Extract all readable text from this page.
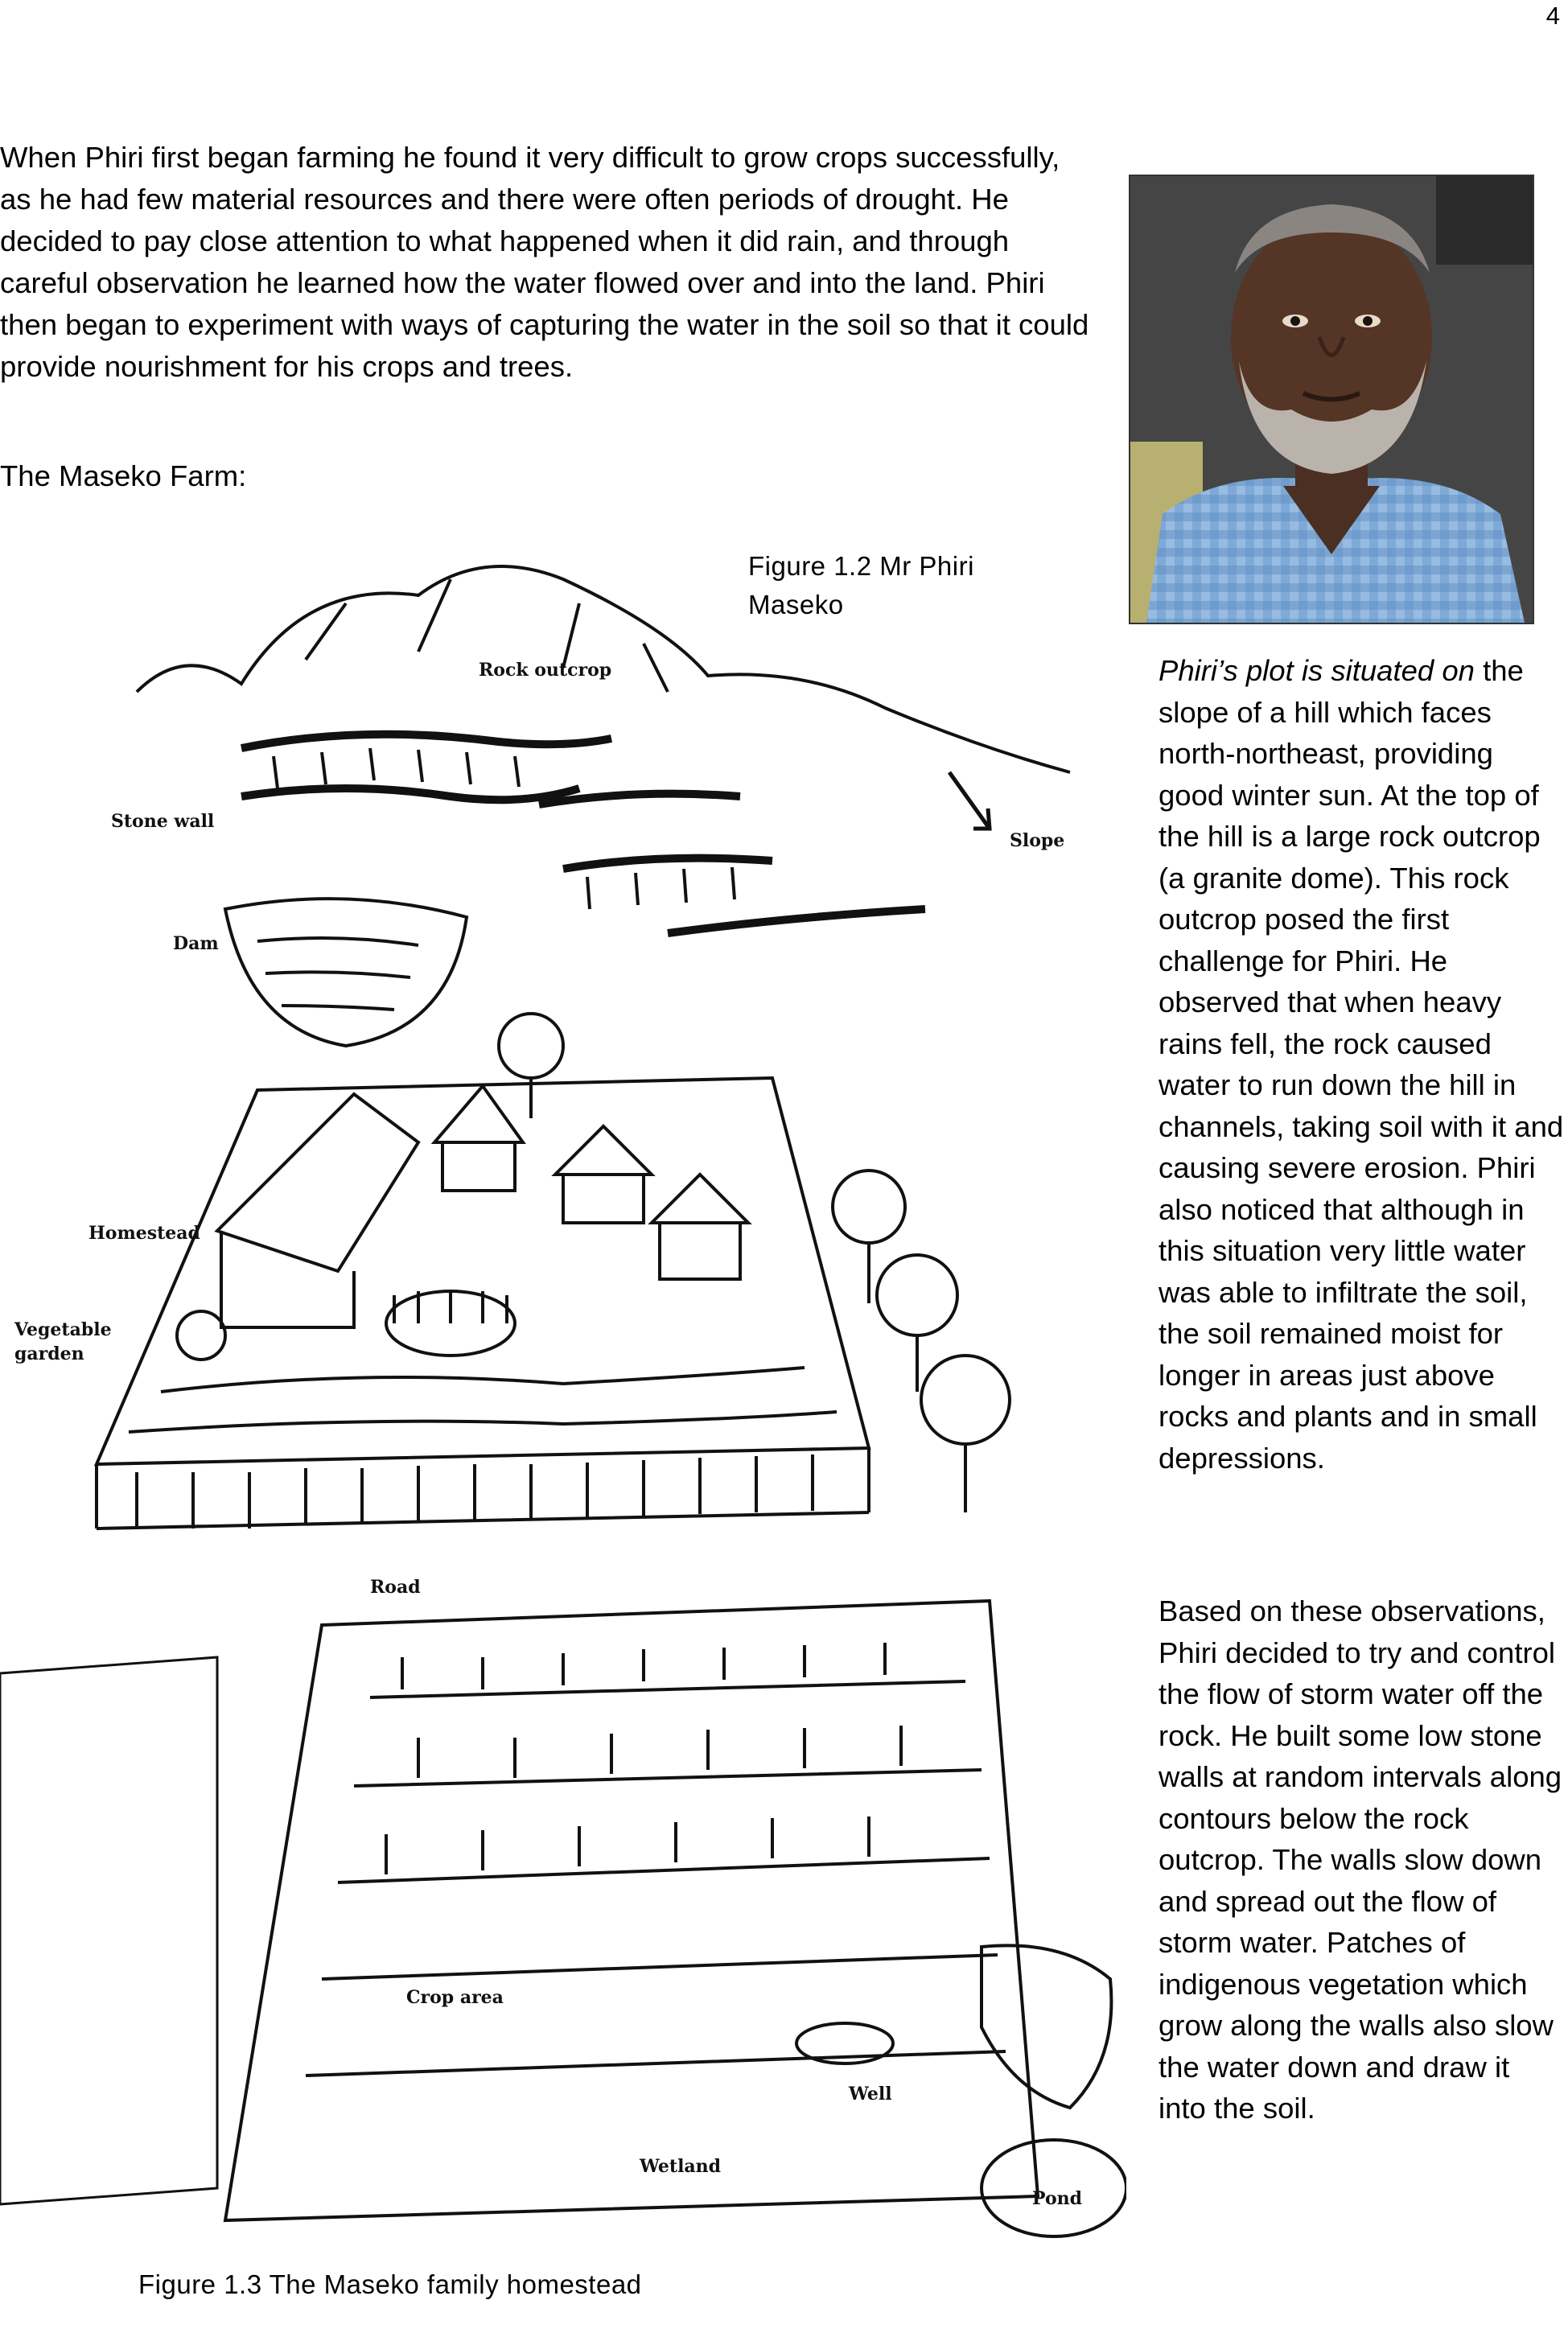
4

When Phiri first began farming he found it very difficult to grow crops successfully, as he had few material resources and there were often periods of drought. He decided to pay close attention to what happened when it did rain, and through careful observation he learned how the water flowed over and into the land. Phiri then began to experiment with ways of capturing the water in the soil so that it could provide nourishment for his crops and trees.

The Maseko Farm:

Figure 1.2 Mr Phiri Maseko

Phiri’s plot is situated on the slope of a hill which faces north-northeast, providing good winter sun. At the top of the hill is a large rock outcrop (a granite dome). This rock outcrop posed the first challenge for Phiri. He observed that when heavy rains fell, the rock caused water to run down the hill in channels, taking soil with it and causing severe erosion. Phiri also noticed that although in this situation very little water was able to infiltrate the soil, the soil remained moist for longer in areas just above rocks and plants and in small depressions.

Based on these observations, Phiri decided to try and control the flow of storm water off the rock. He built some low stone walls at random intervals along contours below the rock outcrop. The walls slow down and spread out the flow of storm water. Patches of indigenous vegetation which grow along the walls also slow the water down and draw it into the soil.

Rock outcrop
Stone wall
Slope
Dam
Homestead
Vegetable
garden
Road
Crop area
Well
Wetland
Pond
Figure 1.3 The Maseko family homestead
